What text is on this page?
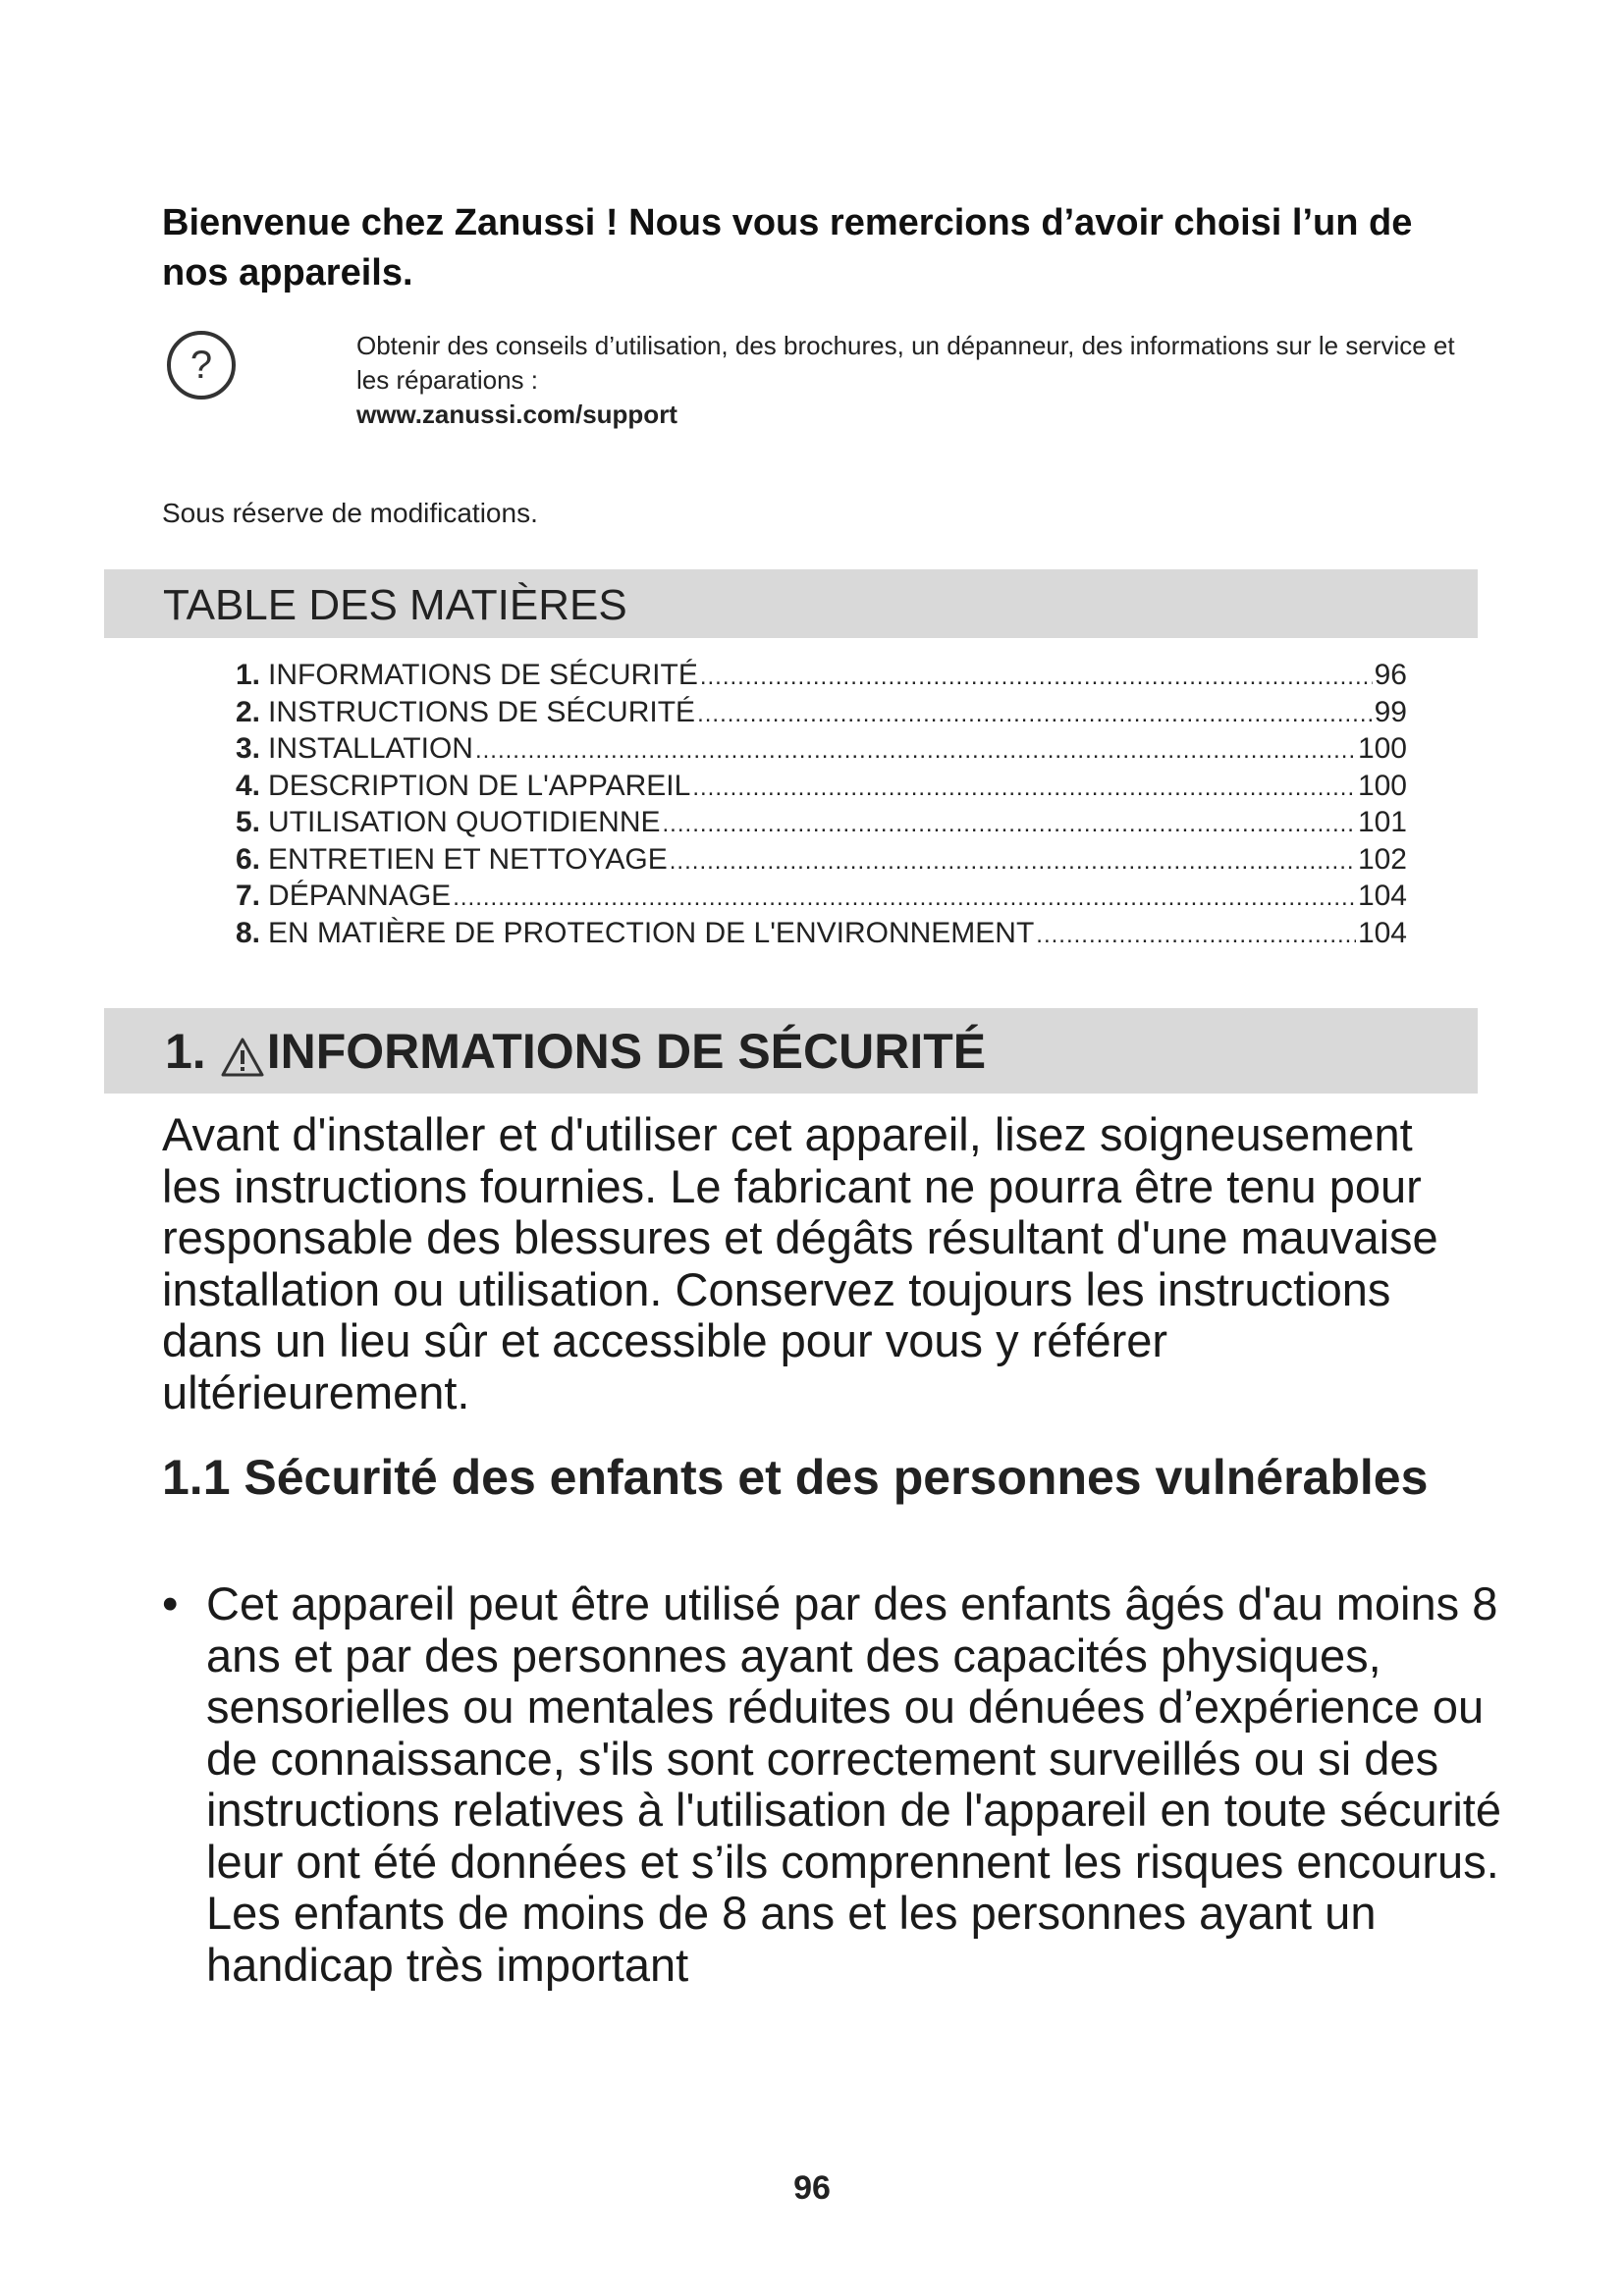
Bienvenue chez Zanussi ! Nous vous remercions d’avoir choisi l’un de nos appareils.
?	Obtenir des conseils d’utilisation, des brochures, un dépanneur, des informations sur le service et les réparations :
www.zanussi.com/support
Sous réserve de modifications.
TABLE DES MATIÈRES
1. INFORMATIONS DE SÉCURITÉ .....	96
2. INSTRUCTIONS DE SÉCURITÉ .....	99
3. INSTALLATION .....	100
4. DESCRIPTION DE L'APPAREIL .....	100
5. UTILISATION QUOTIDIENNE .....	101
6. ENTRETIEN ET NETTOYAGE .....	102
7. DÉPANNAGE .....	104
8. EN MATIÈRE DE PROTECTION DE L'ENVIRONNEMENT .....	104
1. INFORMATIONS DE SÉCURITÉ

Avant d'installer et d'utiliser cet appareil, lisez soigneusement les instructions fournies. Le fabricant ne pourra être tenu pour responsable des blessures et dégâts résultant d'une mauvaise installation ou utilisation. Conservez toujours les instructions dans un lieu sûr et accessible pour vous y référer ultérieurement.

1.1 Sécurité des enfants et des personnes vulnérables

• Cet appareil peut être utilisé par des enfants âgés d'au moins 8 ans et par des personnes ayant des capacités physiques, sensorielles ou mentales réduites ou dénuées d’expérience ou de connaissance, s'ils sont correctement surveillés ou si des instructions relatives à l'utilisation de l'appareil en toute sécurité leur ont été données et s’ils comprennent les risques encourus. Les enfants de moins de 8 ans et les personnes ayant un handicap très important

96
